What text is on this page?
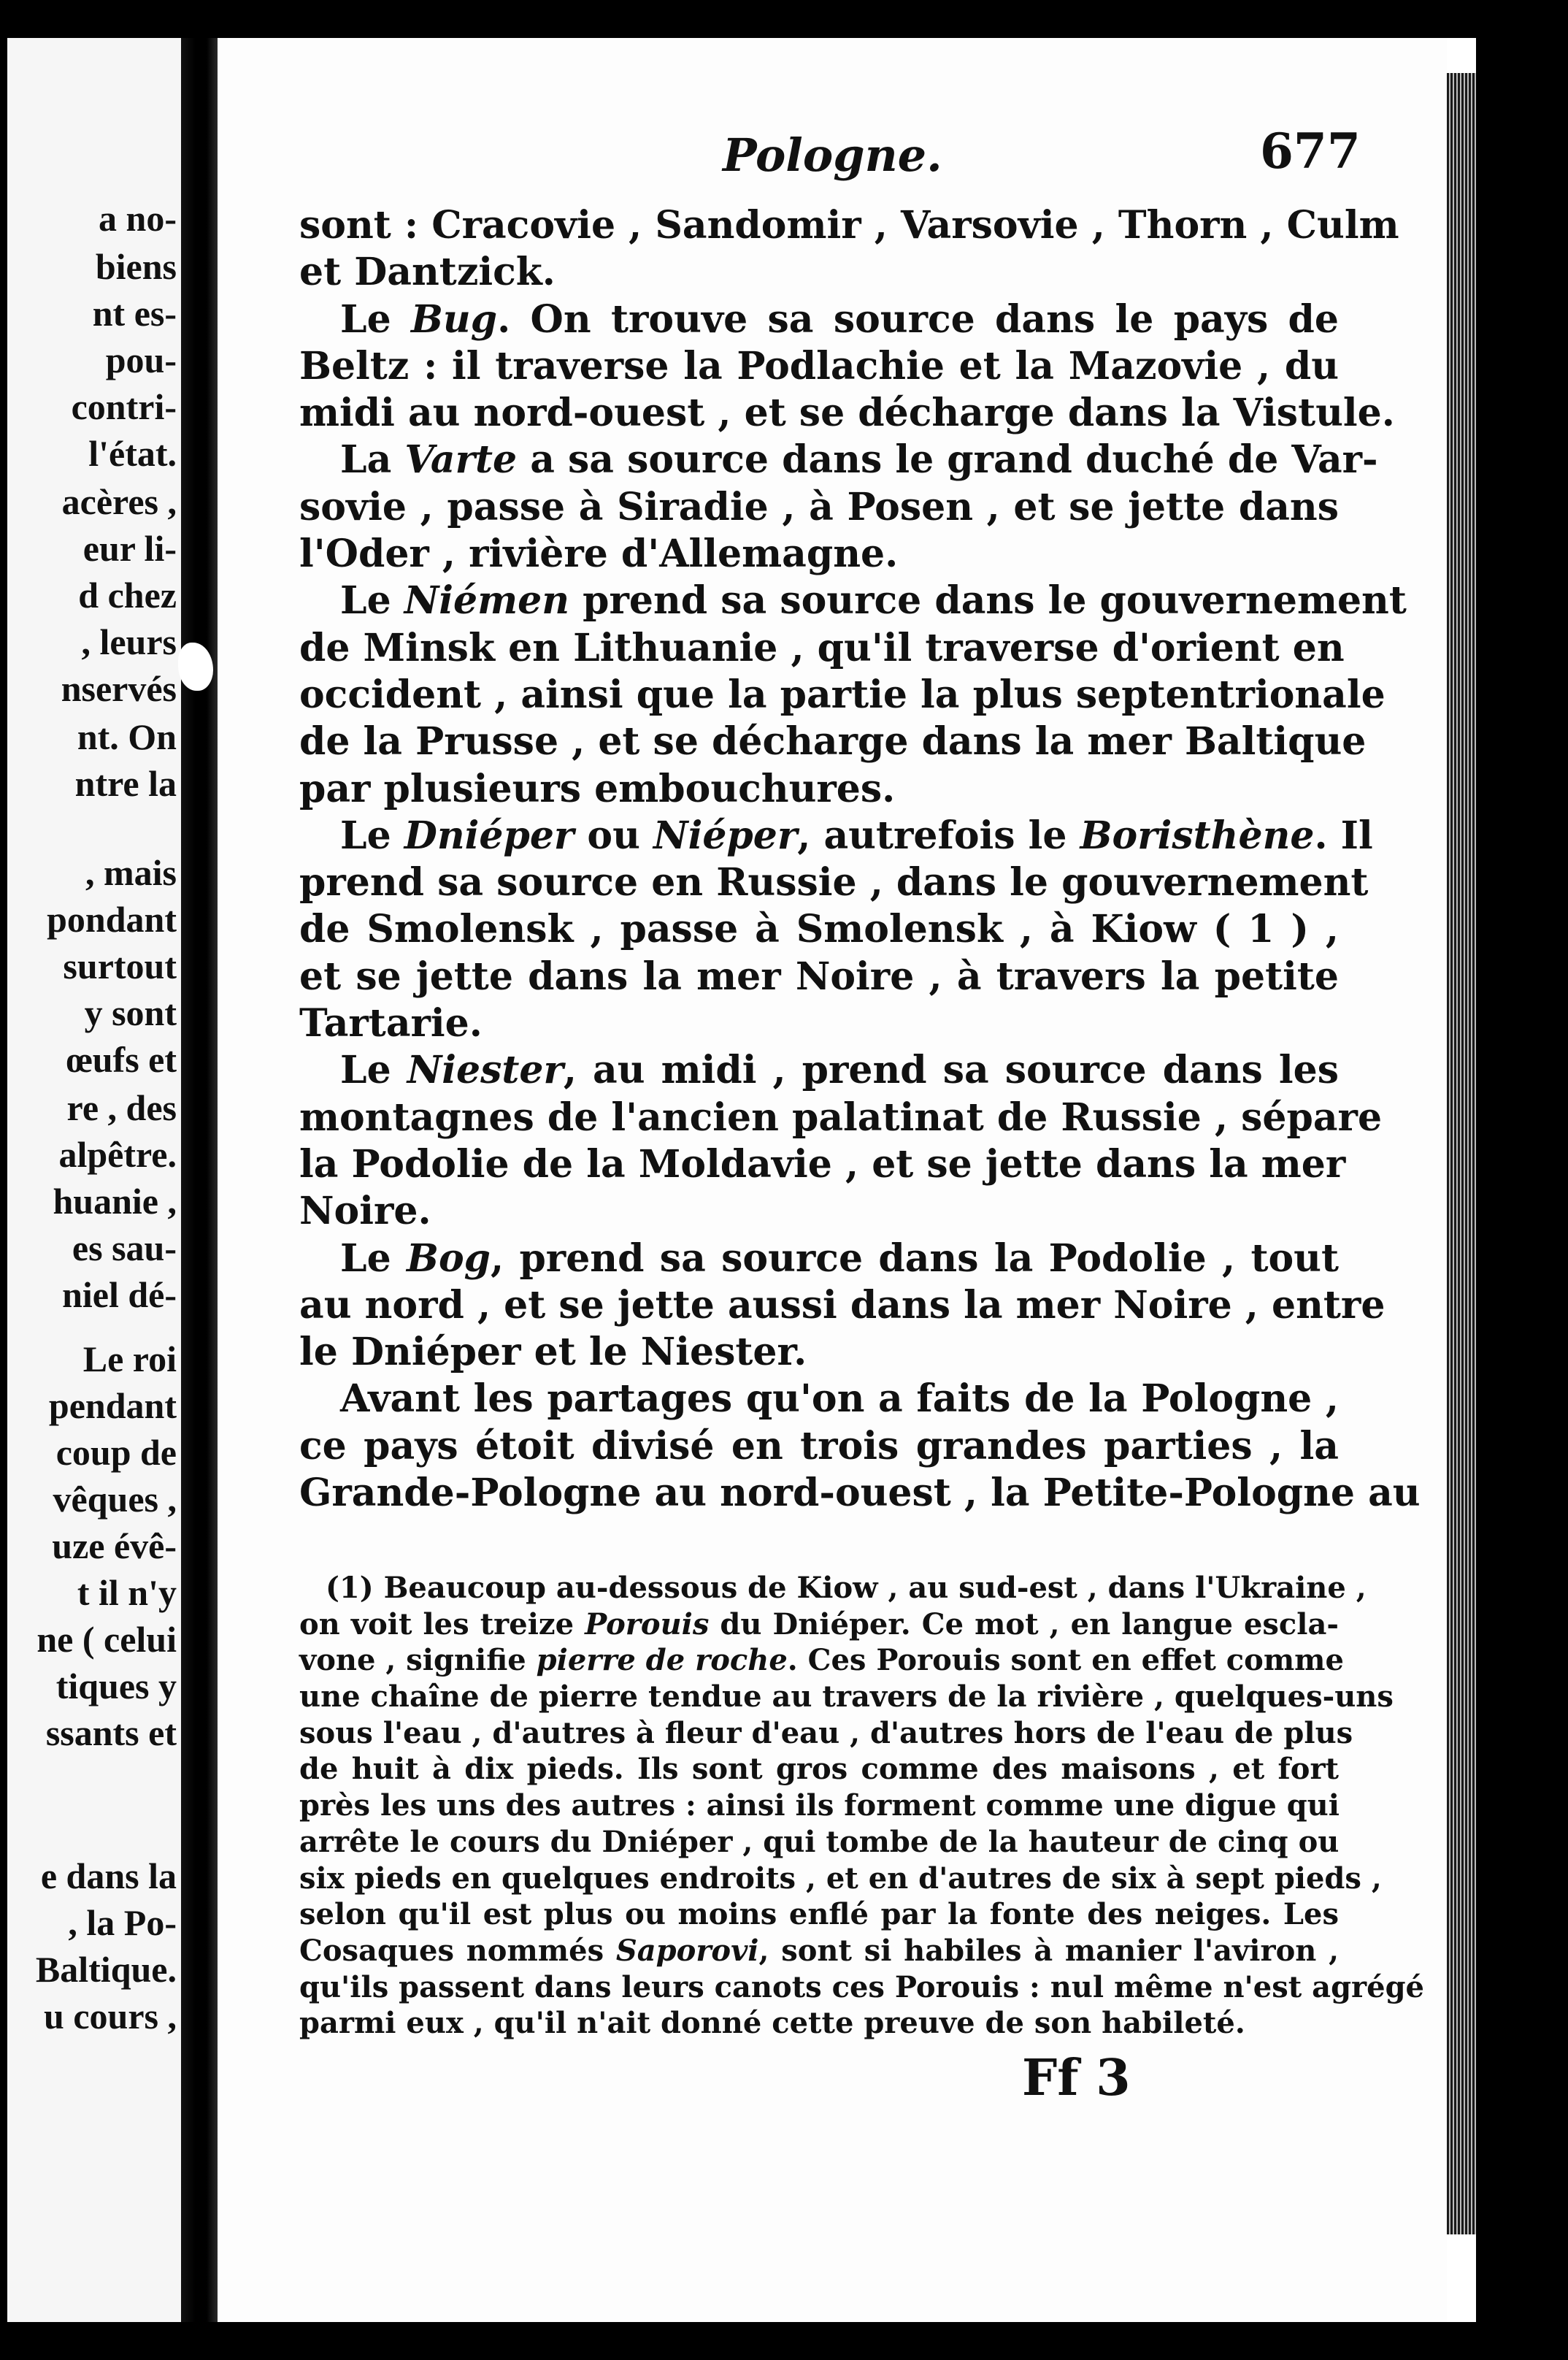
a no-
biens
nt es-
pou-
contri-
l'état.
acères ,
eur li-
d chez
, leurs
nservés
nt. On
ntre la
, mais
pondant
surtout
y sont
œufs et
re , des
alpêtre.
huanie ,
es sau-
niel dé-
Le roi
pendant
coup de
vêques ,
uze évê-
t il n'y
ne ( celui
tiques y
ssants et
e dans la
, la Po-
Baltique.
u cours ,
Pologne.	677
sont : Cracovie , Sandomir , Varsovie , Thorn , Culm
et Dantzick.
Le Bug. On trouve sa source dans le pays de
Beltz : il traverse la Podlachie et la Mazovie , du
midi au nord-ouest , et se décharge dans la Vistule.
La Varte a sa source dans le grand duché de Var-
sovie , passe à Siradie , à Posen , et se jette dans
l'Oder , rivière d'Allemagne.
Le Niémen prend sa source dans le gouvernement
de Minsk en Lithuanie , qu'il traverse d'orient en
occident , ainsi que la partie la plus septentrionale
de la Prusse , et se décharge dans la mer Baltique
par plusieurs embouchures.
Le Dniéper ou Niéper, autrefois le Boristhène. Il
prend sa source en Russie , dans le gouvernement
de Smolensk , passe à Smolensk , à Kiow ( 1 ) ,
et se jette dans la mer Noire , à travers la petite
Tartarie.
Le Niester, au midi , prend sa source dans les
montagnes de l'ancien palatinat de Russie , sépare
la Podolie de la Moldavie , et se jette dans la mer
Noire.
Le Bog, prend sa source dans la Podolie , tout
au nord , et se jette aussi dans la mer Noire , entre
le Dniéper et le Niester.
Avant les partages qu'on a faits de la Pologne ,
ce pays étoit divisé en trois grandes parties , la
Grande-Pologne au nord-ouest , la Petite-Pologne au
(1) Beaucoup au-dessous de Kiow , au sud-est , dans l'Ukraine ,
on voit les treize Porouis du Dniéper. Ce mot , en langue escla-
vone , signifie pierre de roche. Ces Porouis sont en effet comme
une chaîne de pierre tendue au travers de la rivière , quelques-uns
sous l'eau , d'autres à fleur d'eau , d'autres hors de l'eau de plus
de huit à dix pieds. Ils sont gros comme des maisons , et fort
près les uns des autres : ainsi ils forment comme une digue qui
arrête le cours du Dniéper , qui tombe de la hauteur de cinq ou
six pieds en quelques endroits , et en d'autres de six à sept pieds ,
selon qu'il est plus ou moins enflé par la fonte des neiges. Les
Cosaques nommés Saporovi, sont si habiles à manier l'aviron ,
qu'ils passent dans leurs canots ces Porouis : nul même n'est agrégé
parmi eux , qu'il n'ait donné cette preuve de son habileté.
Ff 3
